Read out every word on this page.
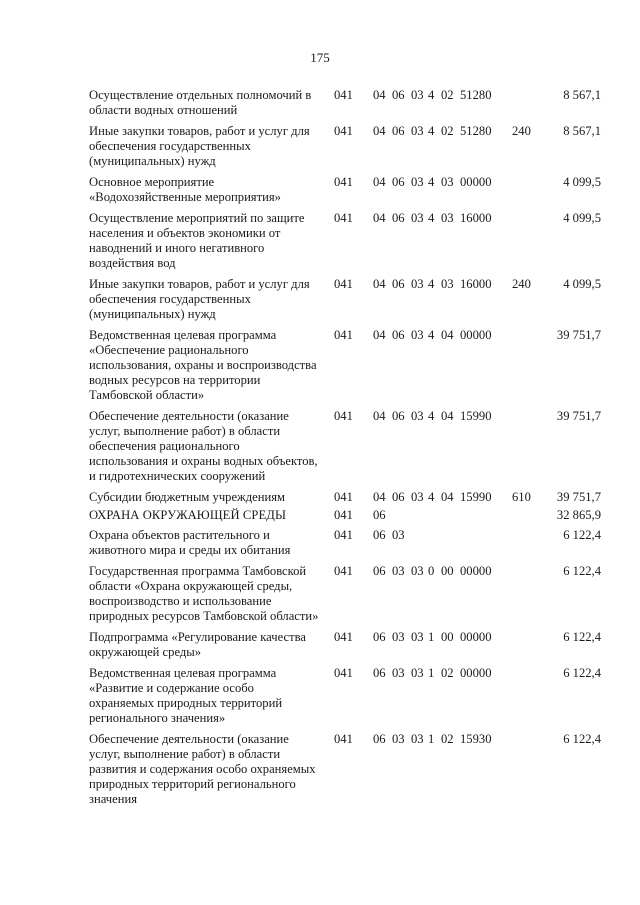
175
Осуществление отдельных полномочий в области водных отношений
041 04 06 03 4 02 51280	8 567,1
Иные закупки товаров, работ и услуг для обеспечения государственных (муниципальных) нужд
041 04 06 03 4 02 51280 240	8 567,1
Основное мероприятие «Водохозяйственные мероприятия»
041 04 06 03 4 03 00000	4 099,5
Осуществление мероприятий по защите населения и объектов экономики от наводнений и иного негативного воздействия вод
041 04 06 03 4 03 16000	4 099,5
Иные закупки товаров, работ и услуг для обеспечения государственных (муниципальных) нужд
041 04 06 03 4 03 16000 240	4 099,5
Ведомственная целевая программа «Обеспечение рационального использования, охраны и воспроизводства водных ресурсов на территории Тамбовской области»
041 04 06 03 4 04 00000	39 751,7
Обеспечение деятельности (оказание услуг, выполнение работ) в области обеспечения рационального использования и охраны водных объектов, и гидротехнических сооружений
041 04 06 03 4 04 15990	39 751,7
Субсидии бюджетным учреждениям	041 04 06 03 4 04 15990 610	39 751,7
ОХРАНА ОКРУЖАЮЩЕЙ СРЕДЫ	041 06	32 865,9
Охрана объектов растительного и животного мира и среды их обитания
041 06 03	6 122,4
Государственная программа Тамбовской области «Охрана окружающей среды, воспроизводство и использование природных ресурсов Тамбовской области»
041 06 03 03 0 00 00000	6 122,4
Подпрограмма «Регулирование качества окружающей среды»
041 06 03 03 1 00 00000	6 122,4
Ведомственная целевая программа «Развитие и содержание особо охраняемых природных территорий регионального значения»
041 06 03 03 1 02 00000	6 122,4
Обеспечение деятельности (оказание услуг, выполнение работ) в области развития и содержания особо охраняемых природных территорий регионального значения
041 06 03 03 1 02 15930	6 122,4
